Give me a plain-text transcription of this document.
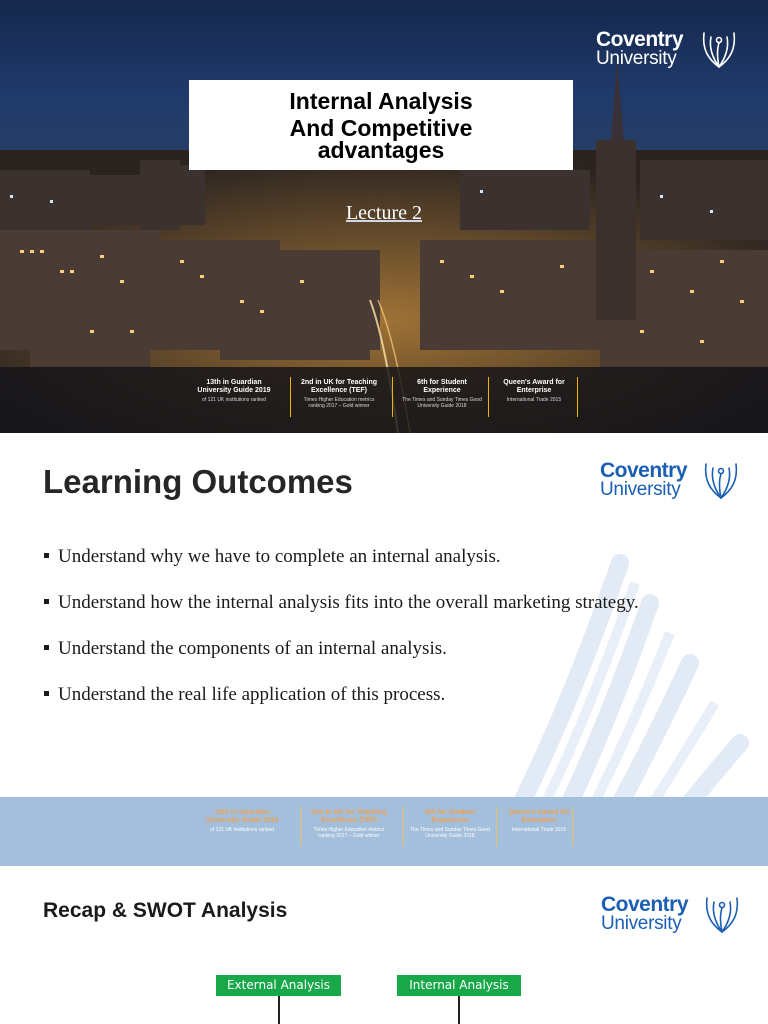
Internal Analysis
And Competitive
advantages
Lecture 2
Coventry
University
13th in Guardian University Guide 2019
of 121 UK institutions ranked
2nd in UK for Teaching Excellence (TEF)
Times Higher Education metrics ranking 2017 – Gold winner
6th for Student Experience
The Times and Sunday Times Good University Guide 2018
Queen's Award for Enterprise
International Trade 2015
Learning Outcomes	Coventry
University
Understand why we have to complete an internal analysis.
Understand how the internal analysis fits into the overall marketing strategy.
Understand the components of an internal analysis.
Understand the real life application of this process.
13th in Guardian University Guide 2019
of 121 UK institutions ranked
2nd in UK for Teaching Excellence (TEF)
Times Higher Education metrics ranking 2017 – Gold winner
6th for Student Experience
The Times and Sunday Times Good University Guide 2018
Queen's Award for Enterprise
International Trade 2015
Recap & SWOT Analysis	Coventry
University
External Analysis	Internal Analysis
